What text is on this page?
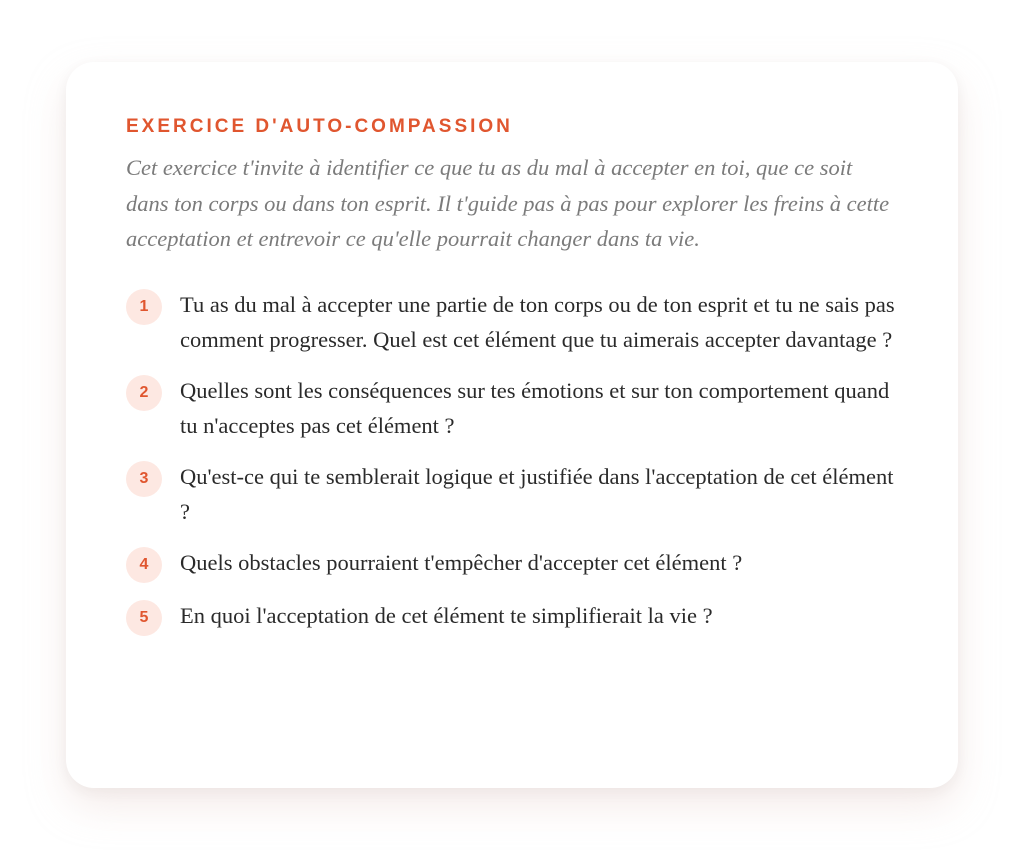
EXERCICE D'AUTO-COMPASSION

Cet exercice t'invite à identifier ce que tu as du mal à accepter en toi, que ce soit dans ton corps ou dans ton esprit. Il t'guide pas à pas pour explorer les freins à cette acceptation et entrevoir ce qu'elle pourrait changer dans ta vie.

1	Tu as du mal à accepter une partie de ton corps ou de ton esprit et tu ne sais pas comment progresser. Quel est cet élément que tu aimerais accepter davantage ?
2	Quelles sont les conséquences sur tes émotions et sur ton comportement quand tu n'acceptes pas cet élément ?
3	Qu'est-ce qui te semblerait logique et justifiée dans l'acceptation de cet élément ?
4	Quels obstacles pourraient t'empêcher d'accepter cet élément ?
5	En quoi l'acceptation de cet élément te simplifierait la vie ?
